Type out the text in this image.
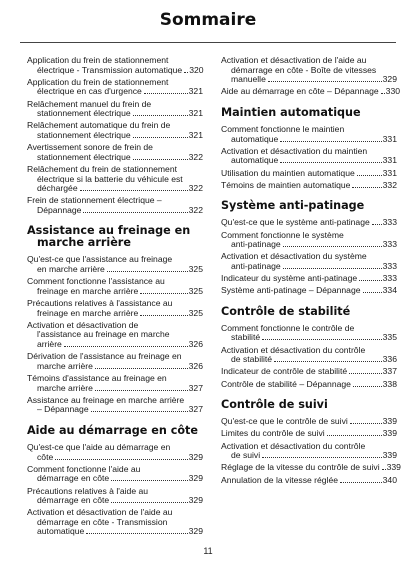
Sommaire
Application du frein de stationnement
électrique - Transmission automatique 320
Application du frein de stationnement
électrique en cas d'urgence	321
Relâchement manuel du frein de
stationnement électrique	321
Relâchement automatique du frein de
stationnement électrique	321
Avertissement sonore de frein de
stationnement électrique	322
Relâchement du frein de stationnement
électrique si la batterie du véhicule est
déchargée	322
Frein de stationnement électrique –
Dépannage	322
Assistance au freinage en

marche arrière
Qu'est-ce que l'assistance au freinage
en marche arrière	325
Comment fonctionne l'assistance au
freinage en marche arrière	325
Précautions relatives à l'assistance au
freinage en marche arrière	325
Activation et désactivation de
l'assistance au freinage en marche
arrière	326
Dérivation de l'assistance au freinage en
marche arrière	326
Témoins d'assistance au freinage en
marche arrière	327
Assistance au freinage en marche arrière
– Dépannage	327
Aide au démarrage en côte
Qu'est-ce que l'aide au démarrage en
côte	329
Comment fonctionne l'aide au
démarrage en côte	329
Précautions relatives à l'aide au
démarrage en côte	329
Activation et désactivation de l'aide au
démarrage en côte - Transmission
automatique	329
Activation et désactivation de l'aide au
démarrage en côte - Boîte de vitesses
manuelle	329
Aide au démarrage en côte – Dépannage 330
Maintien automatique
Comment fonctionne le maintien
automatique	331
Activation et désactivation du maintien
automatique	331
Utilisation du maintien automatique	331
Témoins de maintien automatique	332
Système anti-patinage
Qu'est-ce que le système anti-patinage 333
Comment fonctionne le système
anti-patinage	333
Activation et désactivation du système
anti-patinage	333
Indicateur du système anti-patinage	333
Système anti-patinage – Dépannage	334
Contrôle de stabilité
Comment fonctionne le contrôle de
stabilité	335
Activation et désactivation du contrôle
de stabilité	336
Indicateur de contrôle de stabilité	337
Contrôle de stabilité – Dépannage	338
Contrôle de suivi
Qu'est-ce que le contrôle de suivi	339
Limites du contrôle de suivi	339
Activation et désactivation du contrôle
de suivi	339
Réglage de la vitesse du contrôle de suivi 339
Annulation de la vitesse réglée	340
11
